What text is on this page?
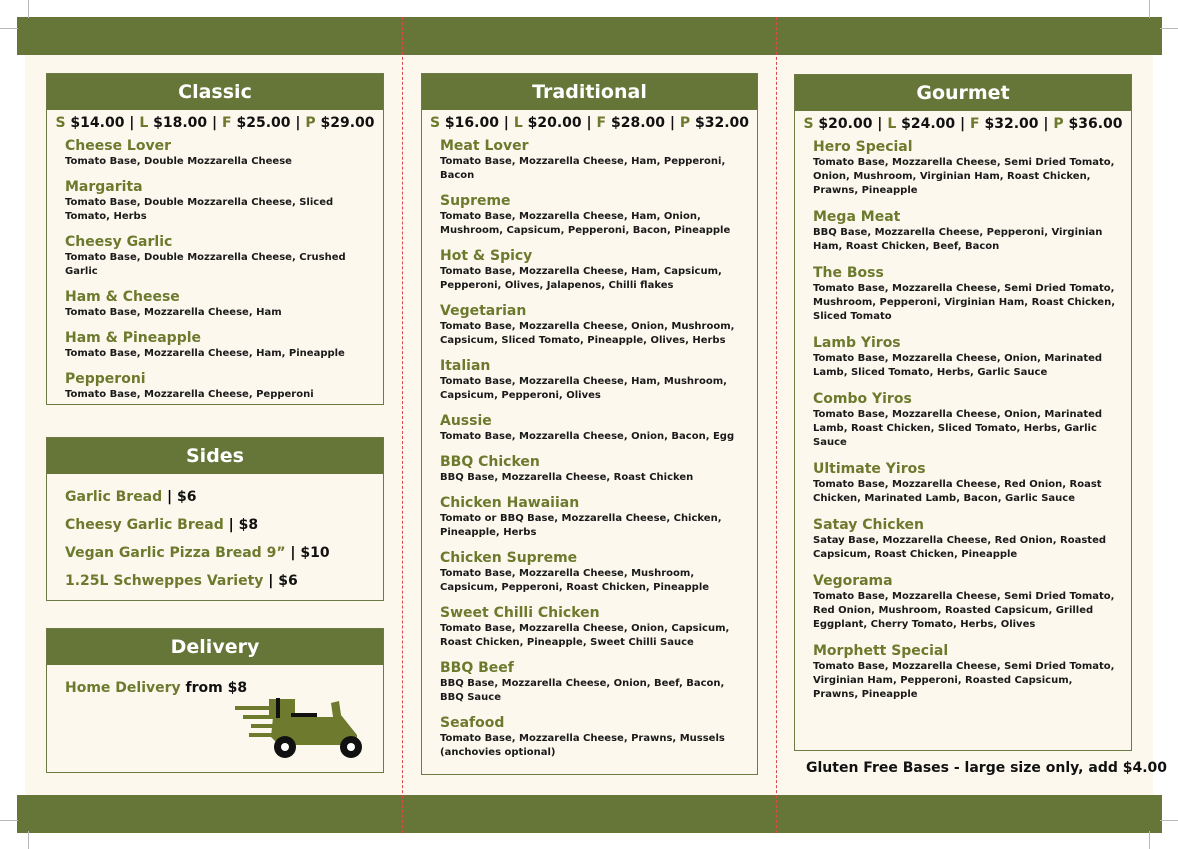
Classic
S $14.00 | L $18.00 | F $25.00 | P $29.00
Cheese Lover
Tomato Base, Double Mozzarella Cheese
Margarita
Tomato Base, Double Mozzarella Cheese, Sliced Tomato, Herbs
Cheesy Garlic
Tomato Base, Double Mozzarella Cheese, Crushed Garlic
Ham & Cheese
Tomato Base, Mozzarella Cheese, Ham
Ham & Pineapple
Tomato Base, Mozzarella Cheese, Ham, Pineapple
Pepperoni
Tomato Base, Mozzarella Cheese, Pepperoni
Sides
Garlic Bread | $6
Cheesy Garlic Bread | $8
Vegan Garlic Pizza Bread 9” | $10
1.25L Schweppes Variety | $6
Delivery
Home Delivery from $8
Traditional
S $16.00 | L $20.00 | F $28.00 | P $32.00
Meat Lover
Tomato Base, Mozzarella Cheese, Ham, Pepperoni, Bacon
Supreme
Tomato Base, Mozzarella Cheese, Ham, Onion, Mushroom, Capsicum, Pepperoni, Bacon, Pineapple
Hot & Spicy
Tomato Base, Mozzarella Cheese, Ham, Capsicum, Pepperoni, Olives, Jalapenos, Chilli flakes
Vegetarian
Tomato Base, Mozzarella Cheese, Onion, Mushroom, Capsicum, Sliced Tomato, Pineapple, Olives, Herbs
Italian
Tomato Base, Mozzarella Cheese, Ham, Mushroom, Capsicum, Pepperoni, Olives
Aussie
Tomato Base, Mozzarella Cheese, Onion, Bacon, Egg
BBQ Chicken
BBQ Base, Mozzarella Cheese, Roast Chicken
Chicken Hawaiian
Tomato or BBQ Base, Mozzarella Cheese, Chicken, Pineapple, Herbs
Chicken Supreme
Tomato Base, Mozzarella Cheese, Mushroom, Capsicum, Pepperoni, Roast Chicken, Pineapple
Sweet Chilli Chicken
Tomato Base, Mozzarella Cheese, Onion, Capsicum, Roast Chicken, Pineapple, Sweet Chilli Sauce
BBQ Beef
BBQ Base, Mozzarella Cheese, Onion, Beef, Bacon, BBQ Sauce
Seafood
Tomato Base, Mozzarella Cheese, Prawns, Mussels (anchovies optional)
Gourmet
S $20.00 | L $24.00 | F $32.00 | P $36.00
Hero Special
Tomato Base, Mozzarella Cheese, Semi Dried Tomato, Onion, Mushroom, Virginian Ham, Roast Chicken, Prawns, Pineapple
Mega Meat
BBQ Base, Mozzarella Cheese, Pepperoni, Virginian Ham, Roast Chicken, Beef, Bacon
The Boss
Tomato Base, Mozzarella Cheese, Semi Dried Tomato, Mushroom, Pepperoni, Virginian Ham, Roast Chicken, Sliced Tomato
Lamb Yiros
Tomato Base, Mozzarella Cheese, Onion, Marinated Lamb, Sliced Tomato, Herbs, Garlic Sauce
Combo Yiros
Tomato Base, Mozzarella Cheese, Onion, Marinated Lamb, Roast Chicken, Sliced Tomato, Herbs, Garlic Sauce
Ultimate Yiros
Tomato Base, Mozzarella Cheese, Red Onion, Roast Chicken, Marinated Lamb, Bacon, Garlic Sauce
Satay Chicken
Satay Base, Mozzarella Cheese, Red Onion, Roasted Capsicum, Roast Chicken, Pineapple
Vegorama
Tomato Base, Mozzarella Cheese, Semi Dried Tomato, Red Onion, Mushroom, Roasted Capsicum, Grilled Eggplant, Cherry Tomato, Herbs, Olives
Morphett Special
Tomato Base, Mozzarella Cheese, Semi Dried Tomato, Virginian Ham, Pepperoni, Roasted Capsicum, Prawns, Pineapple
Gluten Free Bases - large size only, add $4.00
